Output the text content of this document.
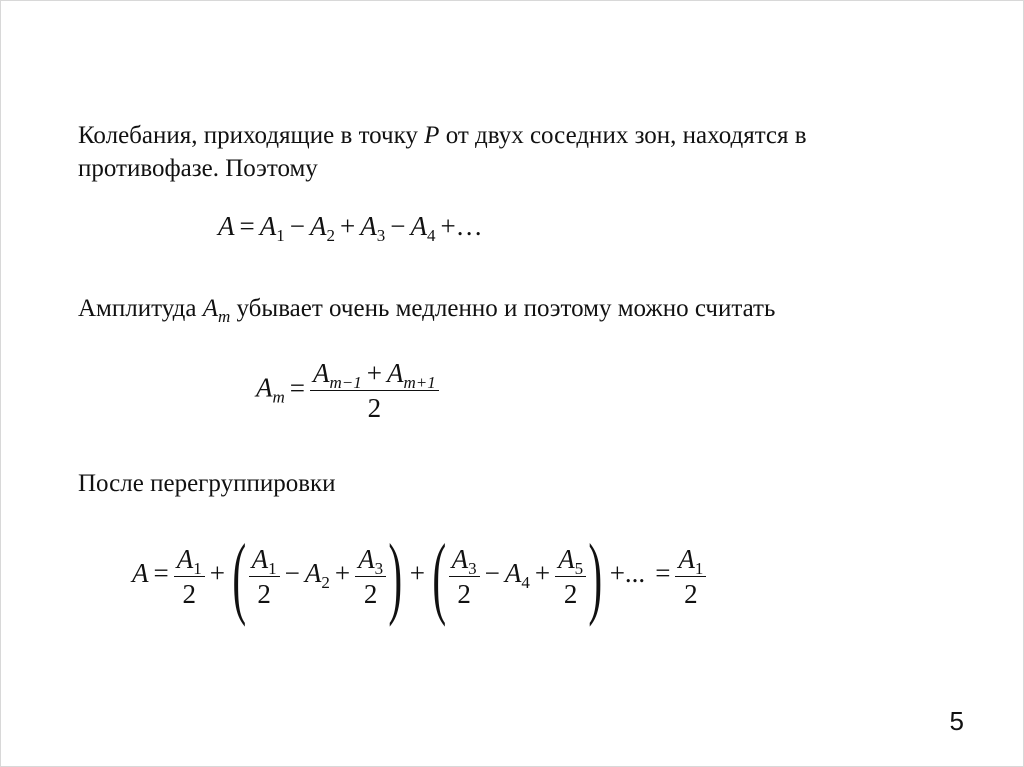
Колебания, приходящие в точку P от двух соседних зон, находятся в
противофазе. Поэтому
$A = A_1 - A_2 + A_3 - A_4$ +…
Амплитуда $A_m$ убывает очень медленно и поэтому можно считать
$A_m = \frac{A_{m-1} + A_{m+1}}{2}$
После перегруппировки
$A = \frac{A_1}{2}$ +( $\frac{A_1}{2} - A_2 + \frac{A_3}{2}$ ) +( $\frac{A_3}{2} - A_4 + \frac{A_5}{2}$ ) +... = $\frac{A_1}{2}$
5
